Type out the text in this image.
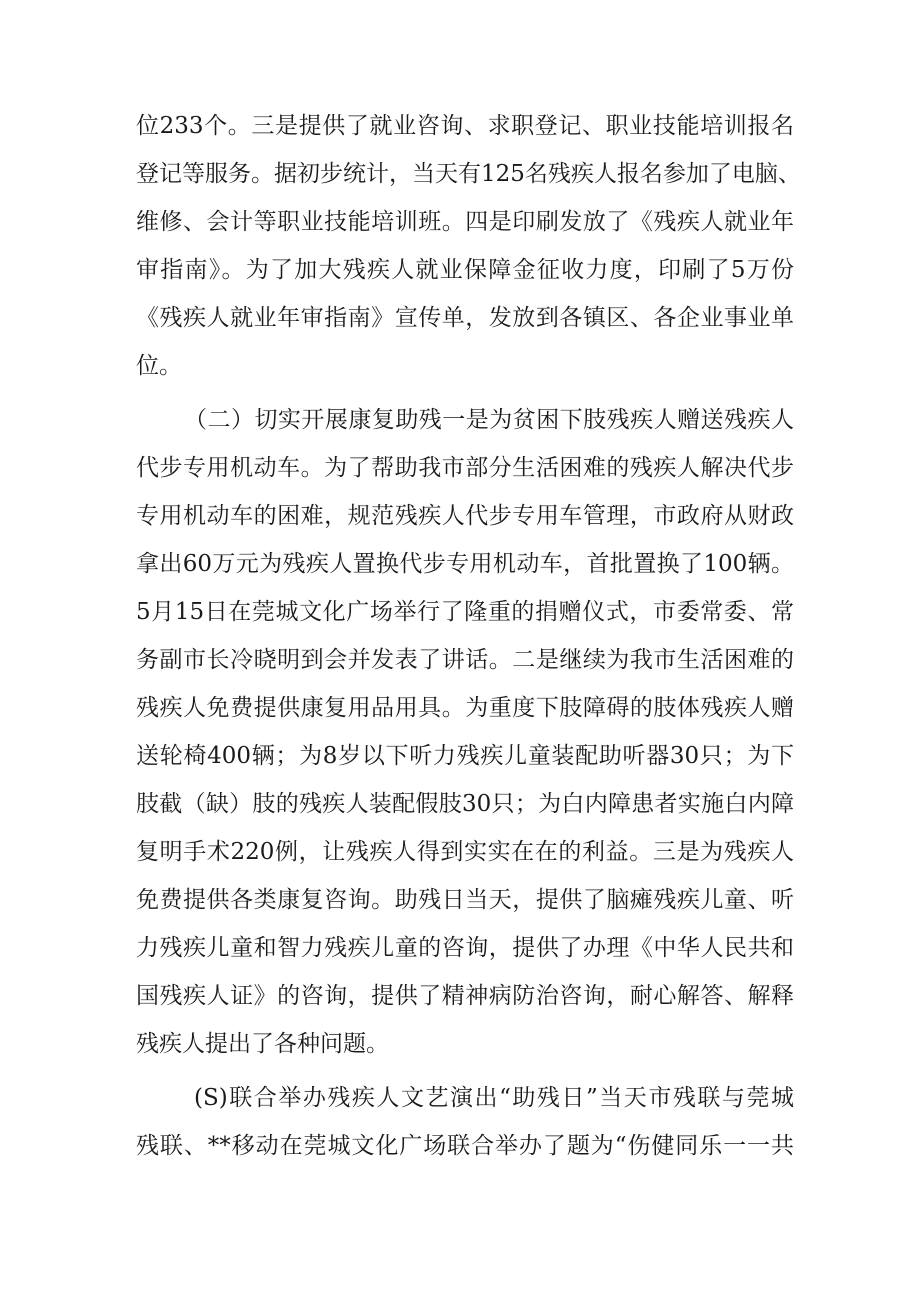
位233个。三是提供了就业咨询、求职登记、职业技能培训报名
登记等服务。据初步统计，当天有125名残疾人报名参加了电脑、
维修、会计等职业技能培训班。四是印刷发放了《残疾人就业年
审指南》。为了加大残疾人就业保障金征收力度，印刷了5万份
《残疾人就业年审指南》宣传单，发放到各镇区、各企业事业单
位。
（二）切实开展康复助残一是为贫困下肢残疾人赠送残疾人
代步专用机动车。为了帮助我市部分生活困难的残疾人解决代步
专用机动车的困难，规范残疾人代步专用车管理，市政府从财政
拿出60万元为残疾人置换代步专用机动车，首批置换了100辆。
5月15日在莞城文化广场举行了隆重的捐赠仪式，市委常委、常
务副市长冷晓明到会并发表了讲话。二是继续为我市生活困难的
残疾人免费提供康复用品用具。为重度下肢障碍的肢体残疾人赠
送轮椅400辆；为8岁以下听力残疾儿童装配助听器30只；为下
肢截（缺）肢的残疾人装配假肢30只；为白内障患者实施白内障
复明手术220例，让残疾人得到实实在在的利益。三是为残疾人
免费提供各类康复咨询。助残日当天，提供了脑瘫残疾儿童、听
力残疾儿童和智力残疾儿童的咨询，提供了办理《中华人民共和
国残疾人证》的咨询，提供了精神病防治咨询，耐心解答、解释
残疾人提出了各种问题。
(S)联合举办残疾人文艺演出“助残日”当天市残联与莞城
残联、**移动在莞城文化广场联合举办了题为“伤健同乐一一共
